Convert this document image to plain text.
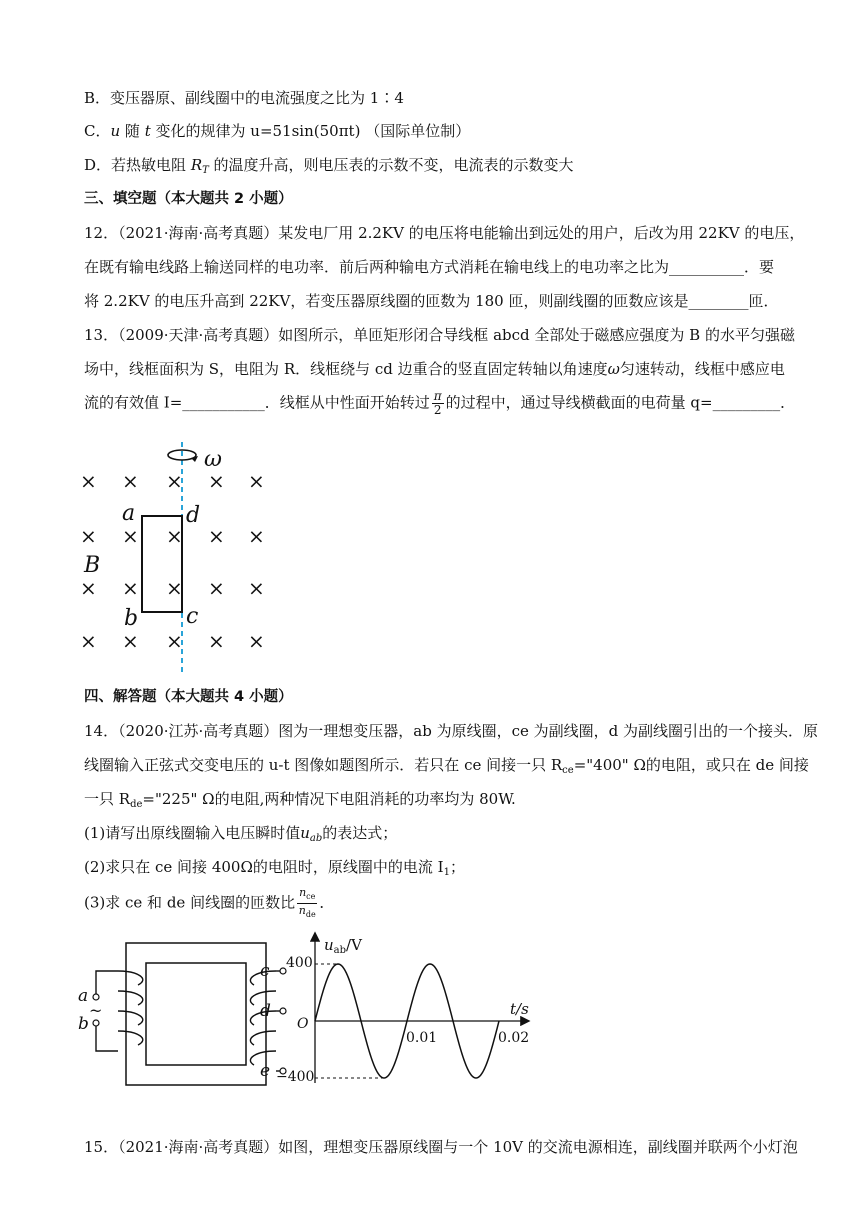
B．变压器原、副线圈中的电流强度之比为 1∶4
C．u 随 t 变化的规律为 u=51sin(50πt) （国际单位制）
D．若热敏电阻 $R_T$ 的温度升高，则电压表的示数不变，电流表的示数变大
三、填空题（本大题共 2 小题）
12．（2021·海南·高考真题）某发电厂用 2.2KV 的电压将电能输出到远处的用户，后改为用 22KV 的电压，
在既有输电线路上输送同样的电功率．前后两种输电方式消耗在输电线上的电功率之比为__________．要
将 2.2KV 的电压升高到 22KV，若变压器原线圈的匝数为 180 匝，则副线圈的匝数应该是________匝．
13．（2009·天津·高考真题）如图所示，单匝矩形闭合导线框 abcd 全部处于磁感应强度为 B 的水平匀强磁
场中，线框面积为 S，电阻为 R．线框绕与 cd 边重合的竖直固定转轴以角速度ω匀速转动，线框中感应电
流的有效值 I=___________．线框从中性面开始转过 $\frac{\pi}{2}$ 的过程中，通过导线横截面的电荷量 q=_________．
× × × × ×
× × × × ×
× × × × ×
× × × × ×
ω
a d
b c
B
四、解答题（本大题共 4 小题）
14．（2020·江苏·高考真题）图为一理想变压器，ab 为原线圈，ce 为副线圈，d 为副线圈引出的一个接头．原
线圈输入正弦式交变电压的 u-t 图像如题图所示．若只在 ce 间接一只 $R_{ce}="400$" Ω的电阻，或只在 de 间接
一只 $R_{de}="225$" Ω的电阻,两种情况下电阻消耗的功率均为 80W.
(1)请写出原线圈输入电压瞬时值$u_{ab}$的表达式；
(2)求只在 ce 间接 400Ω的电阻时，原线圈中的电流 $I_1$；
(3)求 ce 和 de 间线圈的匝数比 $\frac{n_{ce}}{n_{de}}$ ．
a
b
c
d
e
~
$u_{ab}/V$
t/s
400
−400
O
0.01	0.02
15．（2021·海南·高考真题）如图，理想变压器原线圈与一个 10V 的交流电源相连，副线圈并联两个小灯泡
